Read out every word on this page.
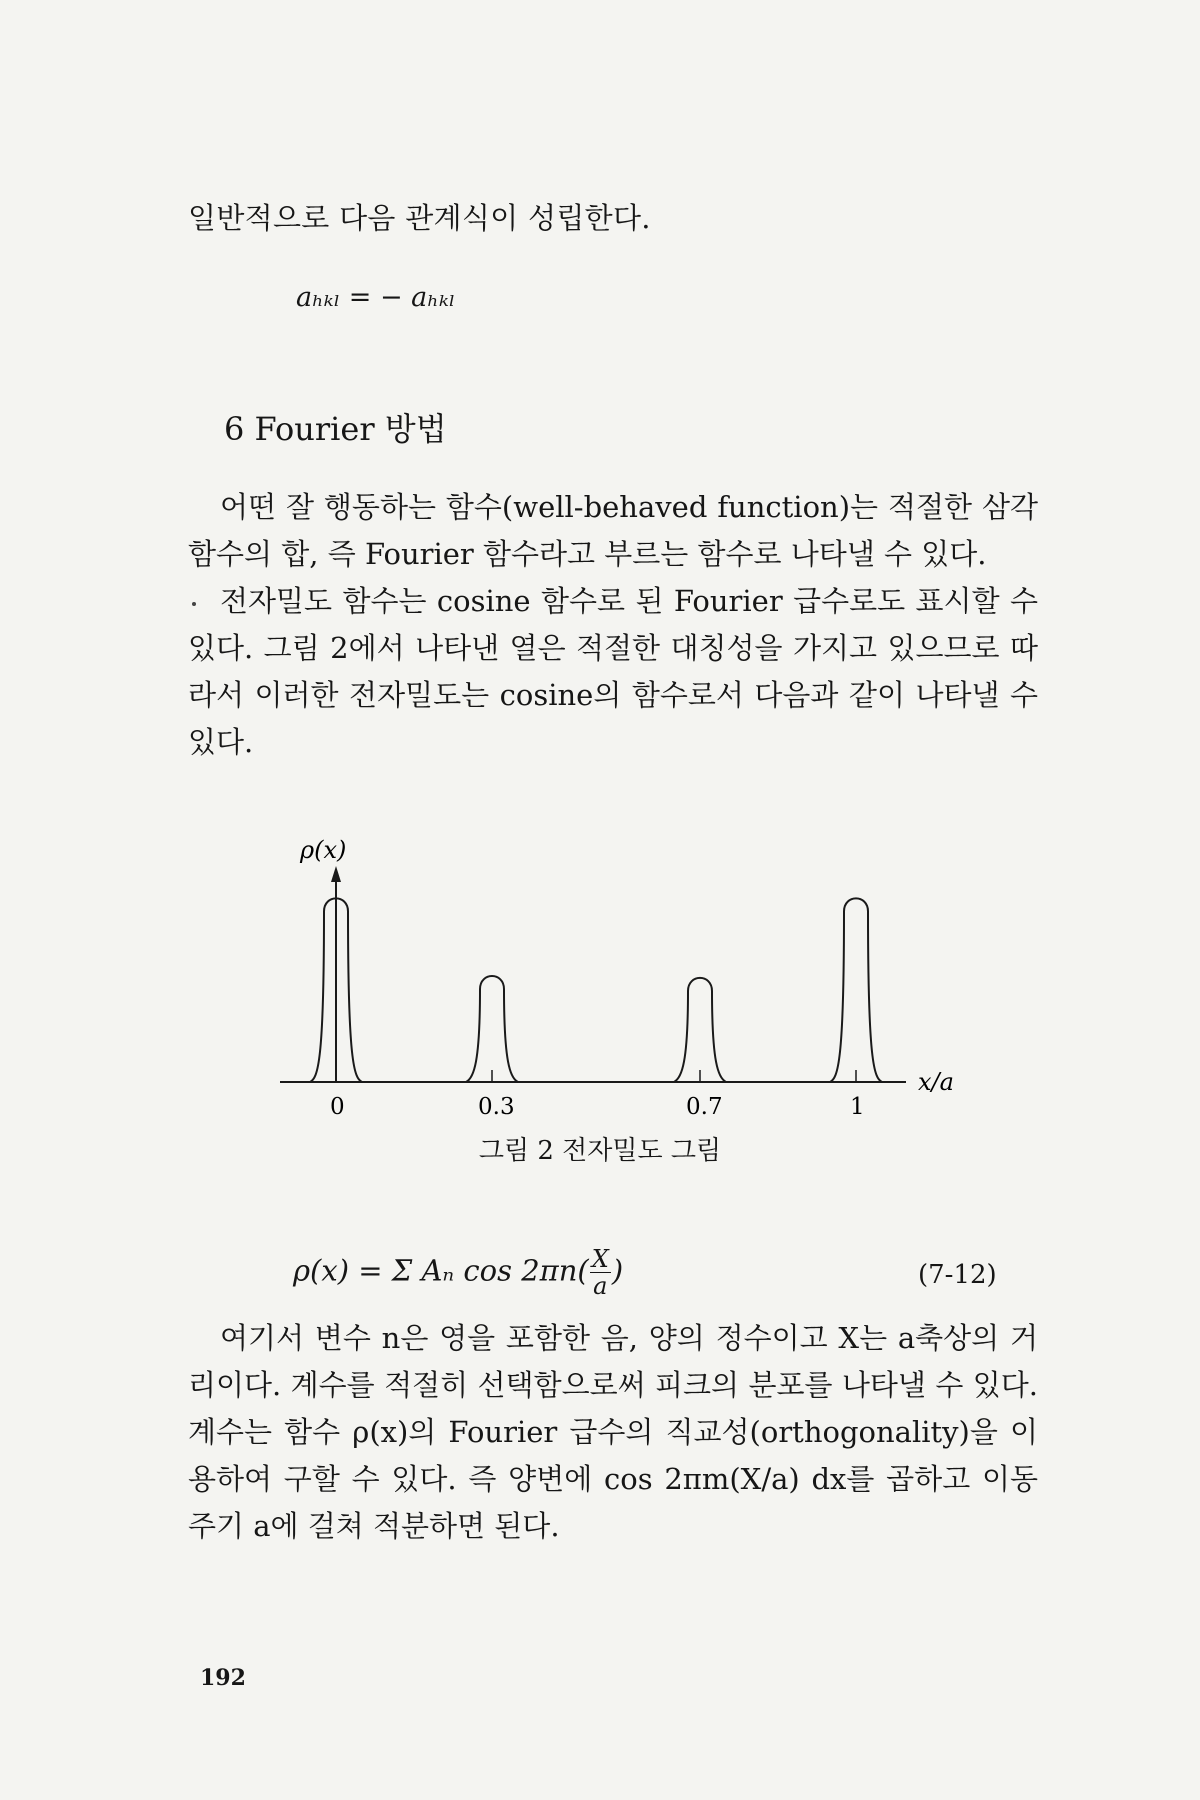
일반적으로 다음 관계식이 성립한다.
aₕₖₗ = − aₕₖₗ
6 Fourier 방법

어떤 잘 행동하는 함수(well-behaved function)는 적절한 삼각함수의 합, 즉 Fourier 함수라고 부르는 함수로 나타낼 수 있다.

전자밀도 함수는 cosine 함수로 된 Fourier 급수로도 표시할 수 있다. 그림 2에서 나타낸 열은 적절한 대칭성을 가지고 있으므로 따라서 이러한 전자밀도는 cosine의 함수로서 다음과 같이 나타낼 수 있다.

ρ(x)
x/a
0	0.3	0.7	1
그림 2 전자밀도 그림
ρ(x) = Σ Aₙ $\cos 2\pi n( \frac{X}{a}$ )	(7-12)

여기서 변수 n은 영을 포함한 음, 양의 정수이고 X는 a축상의 거리이다. 계수를 적절히 선택함으로써 피크의 분포를 나타낼 수 있다. 계수는 함수 ρ(x)의 Fourier 급수의 직교성(orthogonality)을 이용하여 구할 수 있다. 즉 양변에 cos 2πm(X/a) dx를 곱하고 이동 주기 a에 걸쳐 적분하면 된다.

192
